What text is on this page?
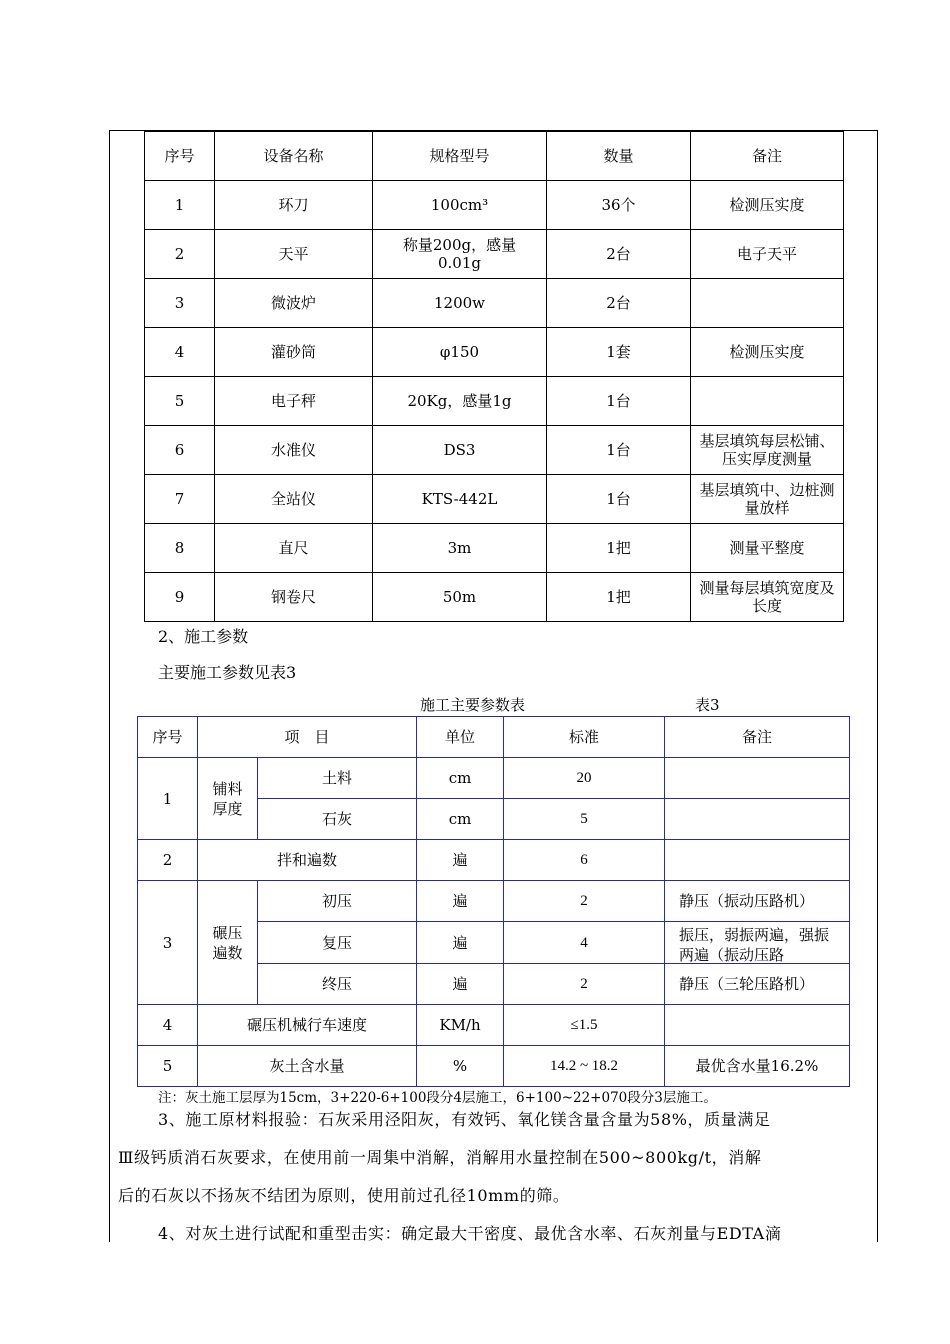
序号	设备名称	规格型号	数量	备注
1	环刀	100cm³	36个	检测压实度
2	天平	称量200g，感量0.01g	2台	电子天平
3	微波炉	1200w	2台	
4	灌砂筒	φ150	1套	检测压实度
5	电子秤	20Kg，感量1g	1台	
6	水准仪	DS3	1台	基层填筑每层松铺、压实厚度测量
7	全站仪	KTS-442L	1台	基层填筑中、边桩测量放样
8	直尺	3m	1把	测量平整度
9	钢卷尺	50m	1把	测量每层填筑宽度及长度
2、施工参数
主要施工参数见表3
施工主要参数表	表3
序号	项　目		单位	标准	备注
1	铺料厚度	土料	cm	20	
		石灰	cm	5	
2	拌和遍数		遍	6	
3	碾压遍数	初压	遍	2	静压（振动压路机）
		复压	遍	4	振压，弱振两遍，强振两遍（振动压路

		终压	遍	2	静压（三轮压路机）
4	碾压机械行车速度		KM/h	≤1.5	
5	灰土含水量		%	14.2 ~ 18.2	最优含水量16.2%
注：灰土施工层厚为15cm，3+220-6+100段分4层施工，6+100~22+070段分3层施工。
3、施工原材料报验：石灰采用泾阳灰，有效钙、氧化镁含量含量为58%，质量满足
Ⅲ级钙质消石灰要求，在使用前一周集中消解，消解用水量控制在500~800kg/t，消解
后的石灰以不扬灰不结团为原则，使用前过孔径10mm的筛。
4、对灰土进行试配和重型击实：确定最大干密度、最优含水率、石灰剂量与EDTA滴
